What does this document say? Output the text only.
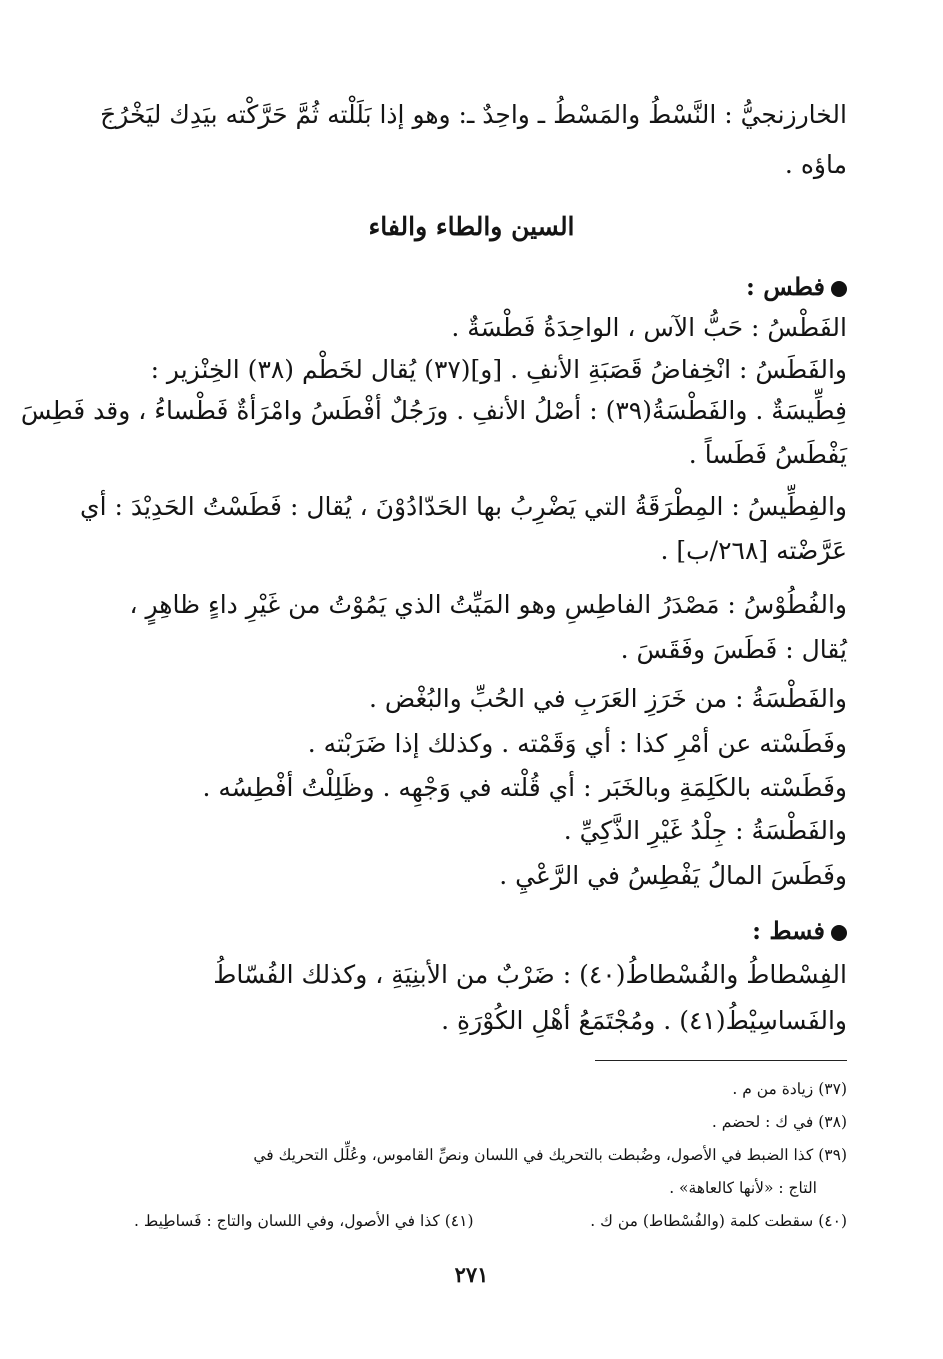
الخارزنجيُّ : النَّسْطُ والمَسْطُ ـ واحِدٌ ـ: وهو إذا بَلَلْته ثُمَّ حَرَّكْته بيَدِك ليَخْرُجَ
ماؤه .
السين والطاء والفاء
فطس :
الفَطْسُ : حَبُّ الآس ، الواحِدَةُ فَطْسَةٌ .
والفَطَسُ : انْخِفاضُ قَصَبَةِ الأنفِ . [و](٣٧) يُقال لخَطْم (٣٨) الخِنْزير :
فِطِّيسَةٌ . والفَطْسَةُ(٣٩) : أصْلُ الأنفِ . ورَجُلٌ أفْطَسُ وامْرَأةٌ فَطْساءُ ، وقد فَطِسَ
يَفْطَسُ فَطَساً .
والفِطِّيسُ : المِطْرَقَةُ التي يَضْرِبُ بها الحَدّادُوْنَ ، يُقال : فَطَسْتُ الحَدِيْدَ : أي
عَرَّضْته [٢٦٨/ب] .
والفُطُوْسُ : مَصْدَرُ الفاطِسِ وهو المَيِّتُ الذي يَمُوْتُ من غَيْرِ داءٍ ظاهِرٍ ،
يُقال : فَطَسَ وفَقَسَ .
والفَطْسَةُ : من خَرَزِ العَرَبِ في الحُبِّ والبُغْض .
وفَطَسْته عن أمْرِ كذا : أي وَقَمْته . وكذلك إذا ضَرَبْته .
وفَطَسْته بالكَلِمَةِ وبالخَبَر : أي قُلْته في وَجْهِه . وظَلِلْتُ أفْطِسُه .
والفَطْسَةُ : جِلْدُ غَيْرِ الذَّكِيِّ .
وفَطَسَ المالُ يَفْطِسُ في الرَّعْيِ .
فسط :
الفِسْطاطُ والفُسْطاطُ(٤٠) : ضَرْبٌ من الأبنِيَةِ ، وكذلك الفُسّاطُ
والفَساسِيْطُ(٤١) . ومُجْتَمَعُ أهْلِ الكُوْرَةِ .
(٣٧) زيادة من م .
(٣٨) في ك : لحضم .
(٣٩) كذا الضبط في الأصول، وضُبطت بالتحريك في اللسان ونصِّ القاموس، وعُلِّل التحريك في
التاج : «لأنها كالعاهة» .
(٤٠) سقطت كلمة (والفُسْطاط) من ك .
(٤١) كذا في الأصول، وفي اللسان والتاج : فَساطِيط .
٢٧١
